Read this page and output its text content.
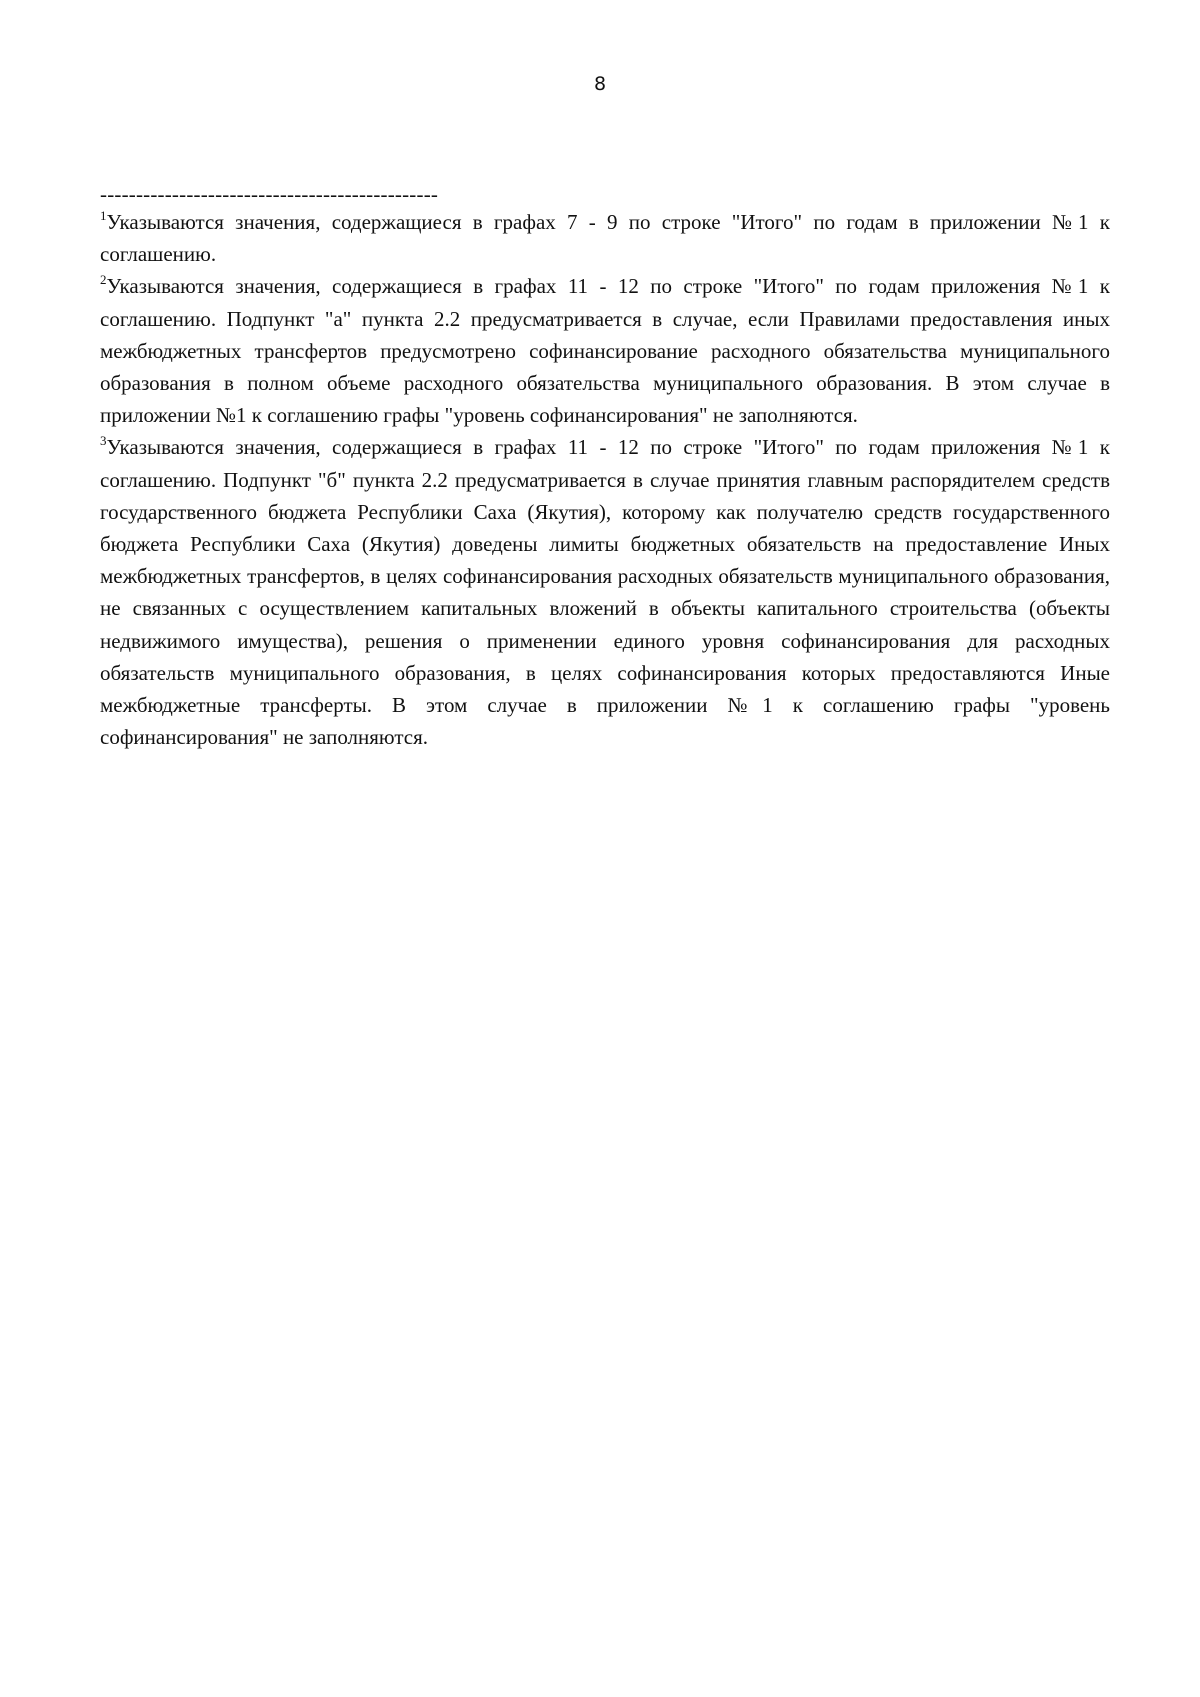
8
-----------------------------------------------

$^1$Указываются значения, содержащиеся в графах 7 - 9 по строке "Итого" по годам в приложении №1 к соглашению.

$^2$Указываются значения, содержащиеся в графах 11 - 12 по строке "Итого" по годам приложения №1 к соглашению. Подпункт "а" пункта 2.2 предусматривается в случае, если Правилами предоставления иных межбюджетных трансфертов предусмотрено софинансирование расходного обязательства муниципального образования в полном объеме расходного обязательства муниципального образования. В этом случае в приложении №1 к соглашению графы "уровень софинансирования" не заполняются.

$^3$Указываются значения, содержащиеся в графах 11 - 12 по строке "Итого" по годам приложения №1 к соглашению. Подпункт "б" пункта 2.2 предусматривается в случае принятия главным распорядителем средств государственного бюджета Республики Саха (Якутия), которому как получателю средств государственного бюджета Республики Саха (Якутия) доведены лимиты бюджетных обязательств на предоставление Иных межбюджетных трансфертов, в целях софинансирования расходных обязательств муниципального образования, не связанных с осуществлением капитальных вложений в объекты капитального строительства (объекты недвижимого имущества), решения о применении единого уровня софинансирования для расходных обязательств муниципального образования, в целях софинансирования которых предоставляются Иные межбюджетные трансферты. В этом случае в приложении №1 к соглашению графы "уровень софинансирования" не заполняются.
